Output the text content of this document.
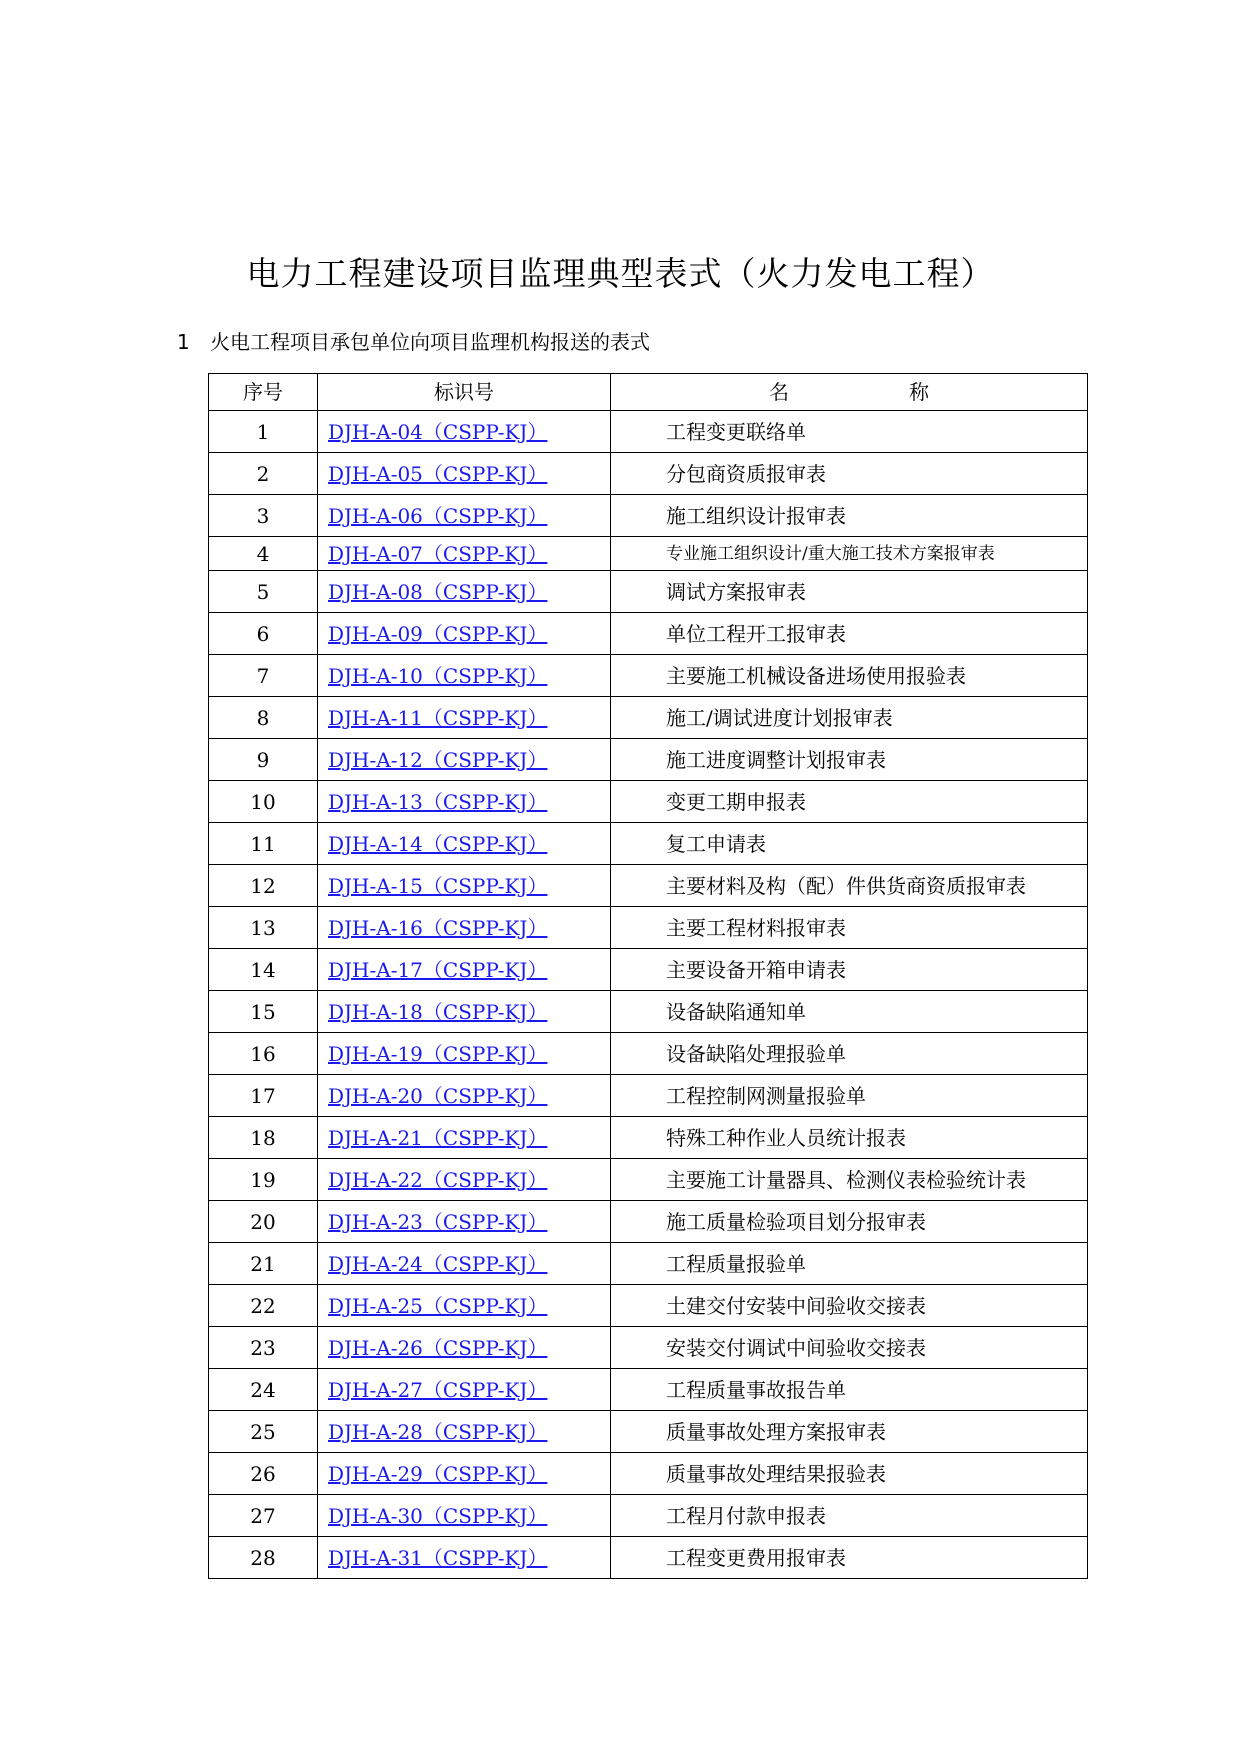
电力工程建设项目监理典型表式（火力发电工程）
1 火电工程项目承包单位向项目监理机构报送的表式
序号	标识号	名 称
1	DJH-A-04（CSPP-KJ）	工程变更联络单
2	DJH-A-05（CSPP-KJ）	分包商资质报审表
3	DJH-A-06（CSPP-KJ）	施工组织设计报审表
4	DJH-A-07（CSPP-KJ）	专业施工组织设计/重大施工技术方案报审表
5	DJH-A-08（CSPP-KJ）	调试方案报审表
6	DJH-A-09（CSPP-KJ）	单位工程开工报审表
7	DJH-A-10（CSPP-KJ）	主要施工机械设备进场使用报验表
8	DJH-A-11（CSPP-KJ）	施工/调试进度计划报审表
9	DJH-A-12（CSPP-KJ）	施工进度调整计划报审表
10	DJH-A-13（CSPP-KJ）	变更工期申报表
11	DJH-A-14（CSPP-KJ）	复工申请表
12	DJH-A-15（CSPP-KJ）	主要材料及构（配）件供货商资质报审表
13	DJH-A-16（CSPP-KJ）	主要工程材料报审表
14	DJH-A-17（CSPP-KJ）	主要设备开箱申请表
15	DJH-A-18（CSPP-KJ）	设备缺陷通知单
16	DJH-A-19（CSPP-KJ）	设备缺陷处理报验单
17	DJH-A-20（CSPP-KJ）	工程控制网测量报验单
18	DJH-A-21（CSPP-KJ）	特殊工种作业人员统计报表
19	DJH-A-22（CSPP-KJ）	主要施工计量器具、检测仪表检验统计表
20	DJH-A-23（CSPP-KJ）	施工质量检验项目划分报审表
21	DJH-A-24（CSPP-KJ）	工程质量报验单
22	DJH-A-25（CSPP-KJ）	土建交付安装中间验收交接表
23	DJH-A-26（CSPP-KJ）	安装交付调试中间验收交接表
24	DJH-A-27（CSPP-KJ）	工程质量事故报告单
25	DJH-A-28（CSPP-KJ）	质量事故处理方案报审表
26	DJH-A-29（CSPP-KJ）	质量事故处理结果报验表
27	DJH-A-30（CSPP-KJ）	工程月付款申报表
28	DJH-A-31（CSPP-KJ）	工程变更费用报审表
